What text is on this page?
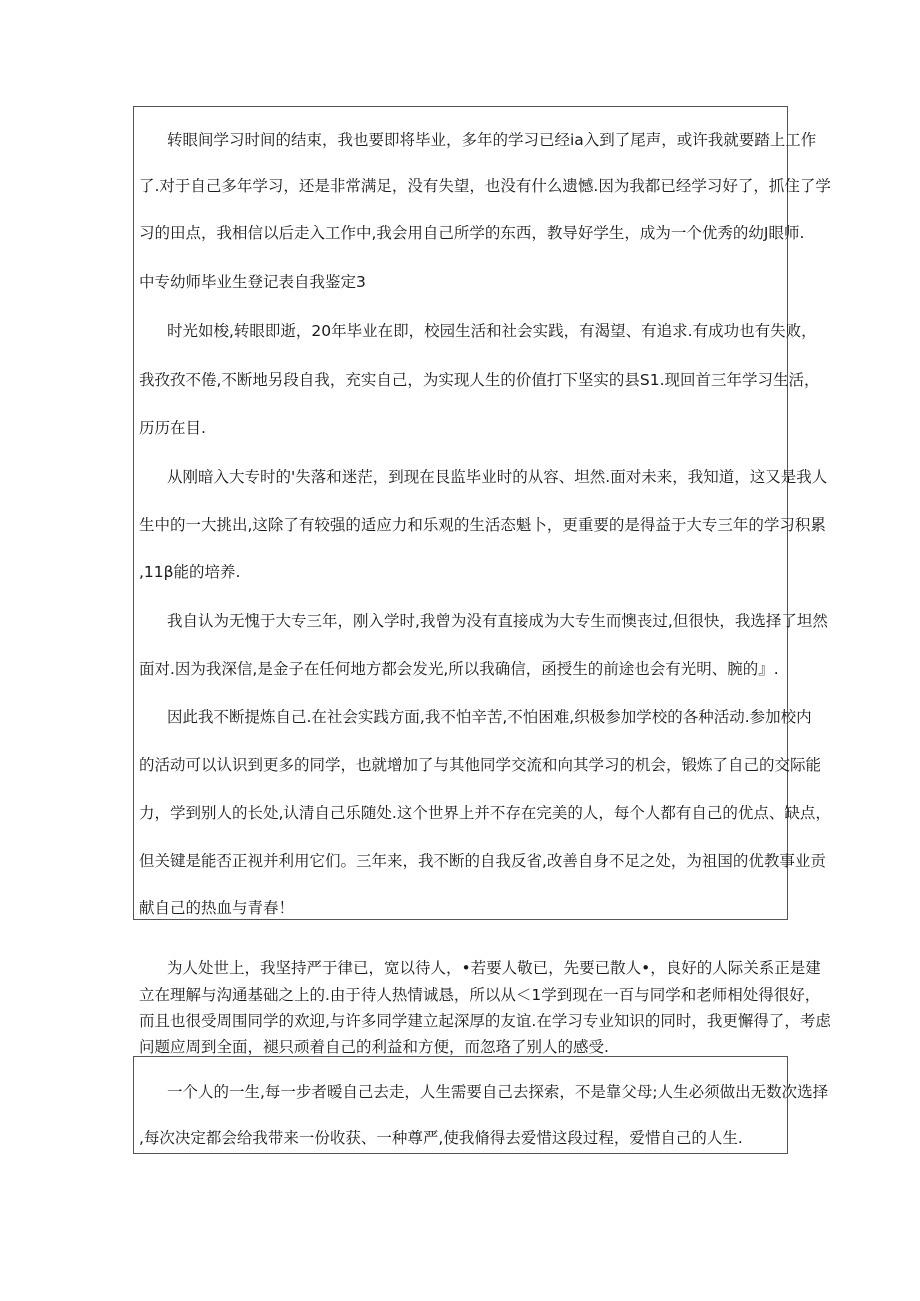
转眼间学习时间的结束，我也要即将毕业，多年的学习已经ia入到了尾声，或许我就要踏上工作
了.对于自己多年学习，还是非常满足，没有失望，也没有什么遗憾.因为我都已经学习好了，抓住了学
习的田点，我相信以后走入工作中,我会用自己所学的东西，教导好学生，成为一个优秀的幼J眼师.
中专幼师毕业生登记表自我鉴定3
时光如梭,转眼即逝，20年毕业在即，校园生活和社会实践，有渴望、有追求.有成功也有失败，
我孜孜不倦,不断地另段自我，充实自己，为实现人生的价值打下坚实的县S1.现回首三年学习生活，
历历在目.
从刚暗入大专时的'失落和迷茫，到现在艮监毕业时的从容、坦然.面对未来，我知道，这又是我人
生中的一大挑出,这除了有较强的适应力和乐观的生活态魁卜，更重要的是得益于大专三年的学习积累
,11β能的培养.
我自认为无愧于大专三年，刚入学时,我曾为没有直接成为大专生而懊丧过,但很快，我选择了坦然
面对.因为我深信,是金子在任何地方都会发光,所以我确信，函授生的前途也会有光明、腕的』.
因此我不断提炼自己.在社会实践方面,我不怕辛苦,不怕困难,织极参加学校的各种活动.参加校内
的活动可以认识到更多的同学，也就增加了与其他同学交流和向其学习的机会，锻炼了自己的交际能
力，学到别人的长处,认清自己乐随处.这个世界上并不存在完美的人，每个人都有自己的优点、缺点，
但关键是能否正视并利用它们。三年来，我不断的自我反省,改善自身不足之处，为祖国的优教事业贡
献自己的热血与青春！
为人处世上，我坚持严于律已，宽以待人，•若要人敬已，先要已散人•，良好的人际关系正是建
立在理解与沟通基础之上的.由于待人热情诚恳，所以从＜1学到现在一百与同学和老师相处得很好，
而且也很受周围同学的欢迎,与许多同学建立起深厚的友谊.在学习专业知识的同时，我更懈得了，考虑
问题应周到全面，褪只顽着自己的利益和方便，而忽珞了别人的感受.
一个人的一生,每一步者暧自己去走，人生需要自己去探索，不是靠父母;人生必须做出无数次选择
,每次决定都会给我带来一份收获、一种尊严,使我脩得去爱惜这段过程，爱惜自己的人生.
